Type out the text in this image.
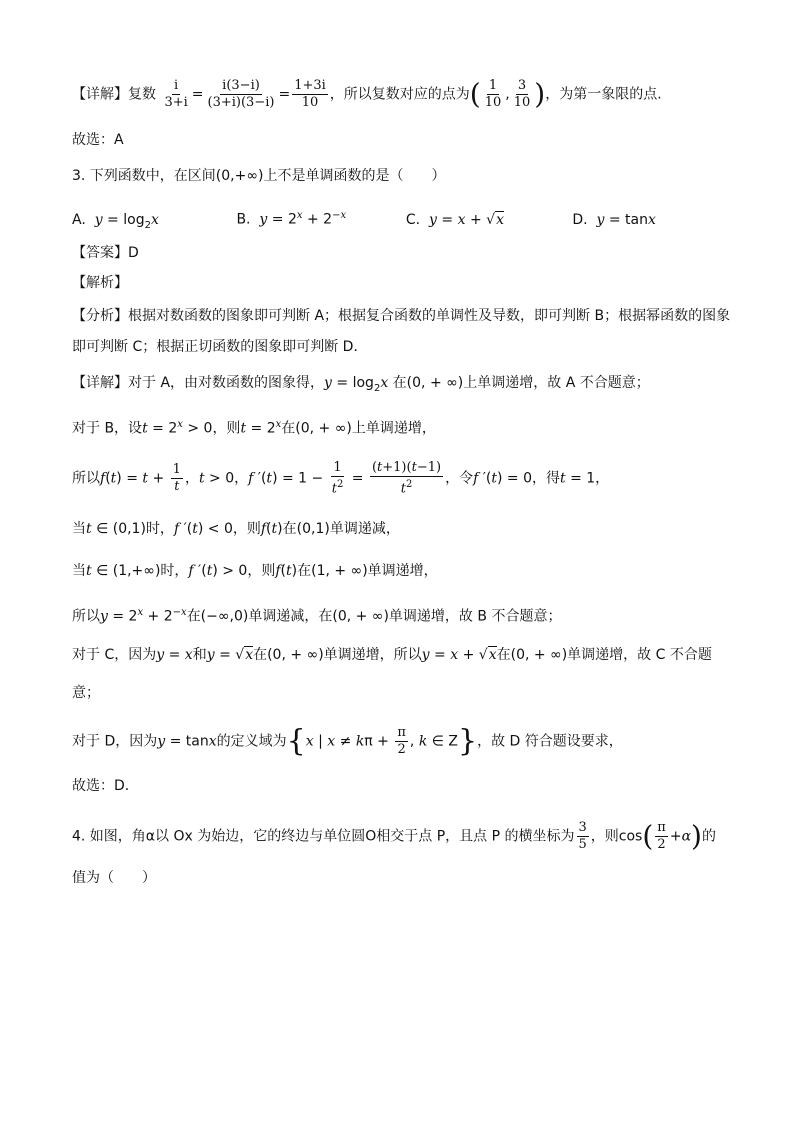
【详解】复数 $\frac{i}{3+i} = \frac{i(3-i)}{(3+i)(3-i)} = \frac{1+3i}{10}$ ，所以复数对应的点为( $\frac{1}{10}$ , $\frac{3}{10}$ )，为第一象限的点.
故选：A
3. 下列函数中，在区间(0,+∞)上不是单调函数的是（　　）
A. $y = \log_2x$	B. $y = 2^x + 2^{-x}$	C. y = x + √x	D. y = tanx
【答案】D
【解析】
【分析】根据对数函数的图象即可判断 A；根据复合函数的单调性及导数，即可判断 B；根据幂函数的图象
即可判断 C；根据正切函数的图象即可判断 D．
【详解】对于 A，由对数函数的图象得，$y = \log_2x$ 在(0, + ∞)上单调递增，故 A 不合题意；
对于 B，设$t = 2^x > 0$，则$t = 2^x$在(0, + ∞)上单调递增，
所以$f(t) = t + \frac{1}{t}$ ，t > 0，f $'(t) = 1 - \frac{1}{t^2} = \frac{(t+1)(t-1)}{t^2}$ ，令f ′(t) = 0，得t = 1，
当t ∈ (0,1)时，f ′(t) < 0，则f(t)在(0,1)单调递减，
当t ∈ (1,+∞)时，f ′(t) > 0，则f(t)在(1, + ∞)单调递增，
所以$y = 2^x + 2^{-x}$在(−∞,0)单调递减，在(0, + ∞)单调递增，故 B 不合题意；
对于 C，因为y = x和y = √x在(0, + ∞)单调递增，所以y = x + √x在(0, + ∞)单调递增，故 C 不合题
意；
对于 D，因为y = tanx的定义域为{x | $x \ne k\pi + \frac{\pi}{2}$ , k ∈ Z}，故 D 符合题设要求，
故选：D．
4. 如图，角α以 Ox 为始边，它的终边与单位圆O相交于点 P，且点 P 的横坐标为 $\frac{3}{5}$ ，则$\cos( \frac{\pi}{2} +\alpha)$的
值为（　　）
